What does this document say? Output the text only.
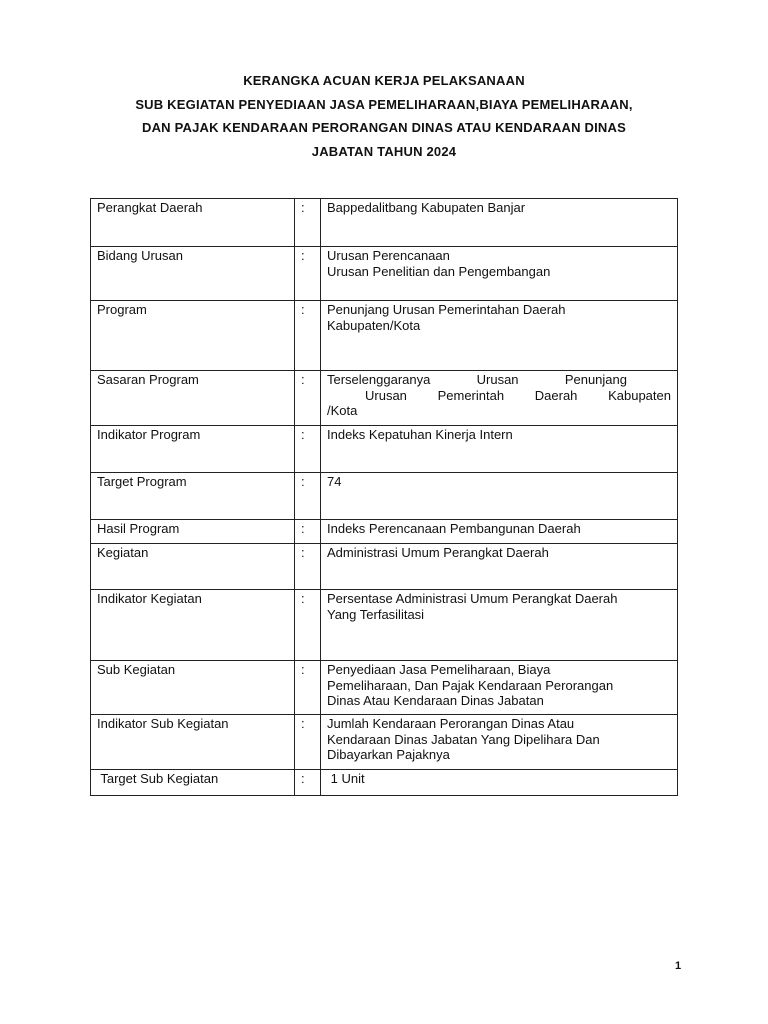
KERANGKA ACUAN KERJA PELAKSANAAN
SUB KEGIATAN PENYEDIAAN JASA PEMELIHARAAN,BIAYA PEMELIHARAAN,
DAN PAJAK KENDARAAN PERORANGAN DINAS ATAU KENDARAAN DINAS
JABATAN TAHUN 2024
Perangkat Daerah	:	Bappedalitbang Kabupaten Banjar

Bidang Urusan	:	Urusan Perencanaan
Urusan Penelitian dan Pengembangan

Program	:	Penunjang Urusan Pemerintahan Daerah
Kabupaten/Kota

Sasaran Program	:	Terselenggaranya Urusan Penunjang
Urusan Pemerintah Daerah Kabupaten
/Kota

Indikator Program	:	Indeks Kepatuhan Kinerja Intern

Target Program	:	74

Hasil Program	:	Indeks Perencanaan Pembangunan Daerah

Kegiatan	:	Administrasi Umum Perangkat Daerah

Indikator Kegiatan	:	Persentase Administrasi Umum Perangkat Daerah
Yang Terfasilitasi

Sub Kegiatan	:	Penyediaan Jasa Pemeliharaan, Biaya
Pemeliharaan, Dan Pajak Kendaraan Perorangan
Dinas Atau Kendaraan Dinas Jabatan

Indikator Sub Kegiatan	:	Jumlah Kendaraan Perorangan Dinas Atau
Kendaraan Dinas Jabatan Yang Dipelihara Dan
Dibayarkan Pajaknya

Target Sub Kegiatan	:	1 Unit
1
